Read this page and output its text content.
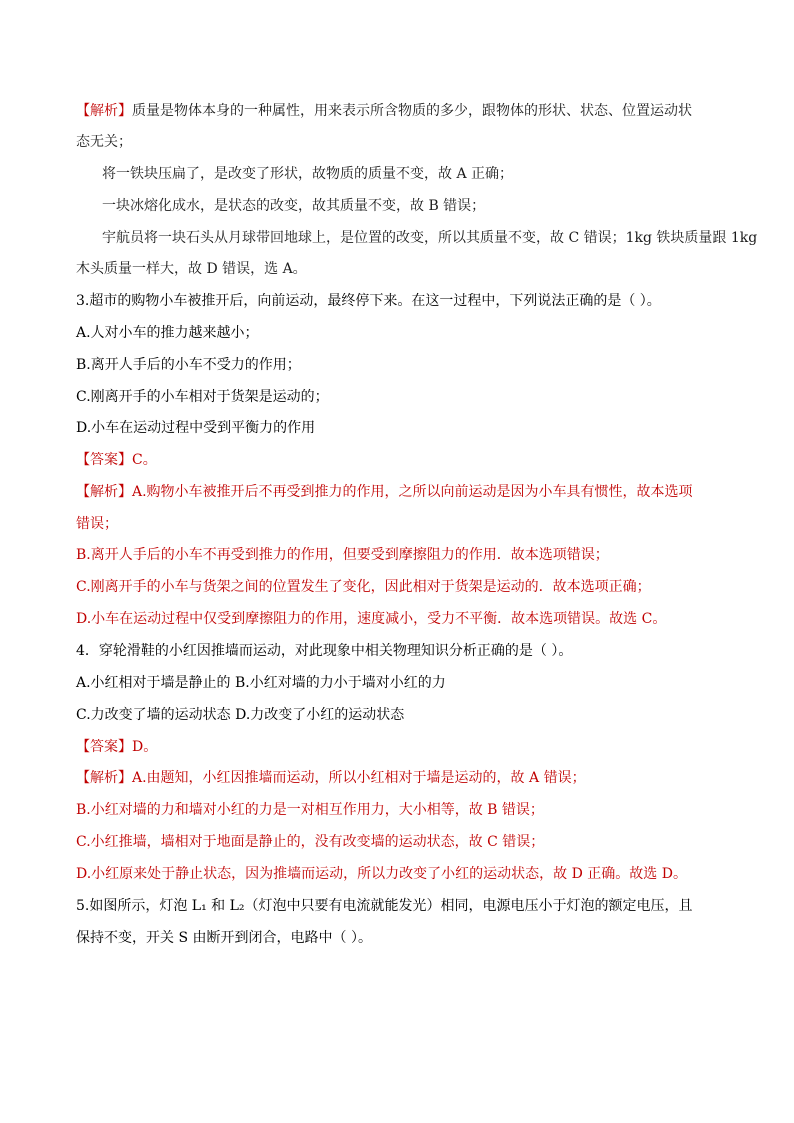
【解析】质量是物体本身的一种属性，用来表示所含物质的多少，跟物体的形状、状态、位置运动状
态无关；
将一铁块压扁了，是改变了形状，故物质的质量不变，故 A 正确；
一块冰熔化成水，是状态的改变，故其质量不变，故 B 错误；
宇航员将一块石头从月球带回地球上，是位置的改变，所以其质量不变，故 C 错误；1kg 铁块质量跟 1kg
木头质量一样大，故 D 错误，选 A。
3.超市的购物小车被推开后，向前运动，最终停下来。在这一过程中，下列说法正确的是（ ）。
A.人对小车的推力越来越小；
B.离开人手后的小车不受力的作用；
C.刚离开手的小车相对于货架是运动的；
D.小车在运动过程中受到平衡力的作用
【答案】C。
【解析】A.购物小车被推开后不再受到推力的作用，之所以向前运动是因为小车具有惯性，故本选项
错误；
B.离开人手后的小车不再受到推力的作用，但要受到摩擦阻力的作用．故本选项错误；
C.刚离开手的小车与货架之间的位置发生了变化，因此相对于货架是运动的．故本选项正确；
D.小车在运动过程中仅受到摩擦阻力的作用，速度减小，受力不平衡．故本选项错误。故选 C。
4．穿轮滑鞋的小红因推墙而运动，对此现象中相关物理知识分析正确的是（ ）。
A.小红相对于墙是静止的 B.小红对墙的力小于墙对小红的力
C.力改变了墙的运动状态 D.力改变了小红的运动状态
【答案】D。
【解析】A.由题知，小红因推墙而运动，所以小红相对于墙是运动的，故 A 错误；
B.小红对墙的力和墙对小红的力是一对相互作用力，大小相等，故 B 错误；
C.小红推墙，墙相对于地面是静止的，没有改变墙的运动状态，故 C 错误；
D.小红原来处于静止状态，因为推墙而运动，所以力改变了小红的运动状态，故 D 正确。故选 D。
5.如图所示，灯泡 L₁ 和 L₂（灯泡中只要有电流就能发光）相同，电源电压小于灯泡的额定电压，且
保持不变，开关 S 由断开到闭合，电路中（ ）。
